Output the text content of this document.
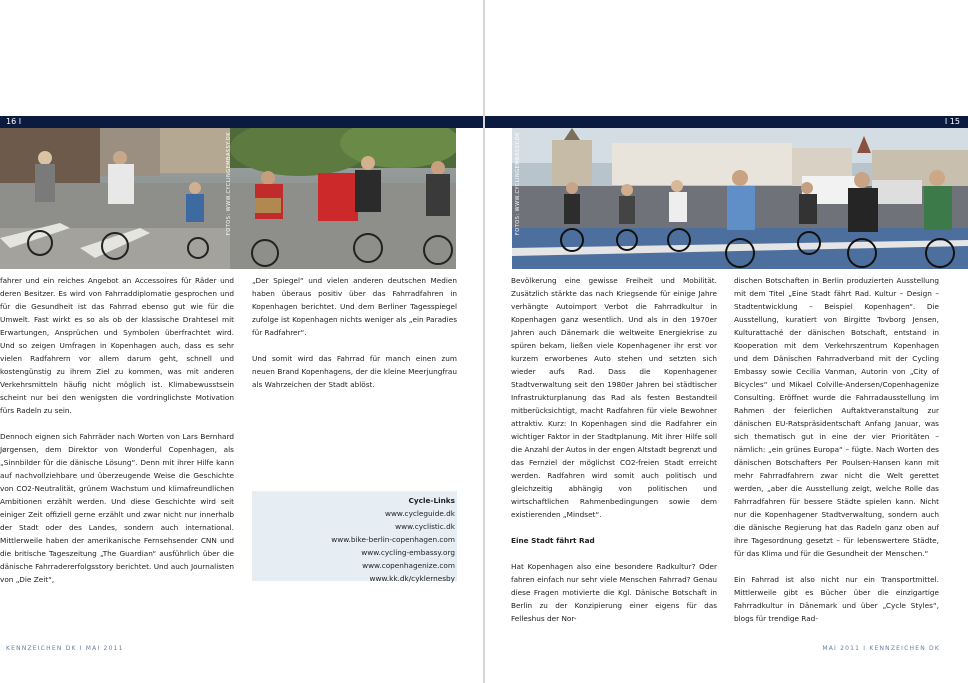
16 I
FOTOS: WWW.CYCLINGEMBASSY.DK

fahrer und ein reiches Angebot an Accessoires für Räder und deren Besitzer. Es wird von Fahrraddiplomatie gesprochen und für die Gesundheit ist das Fahrrad ebenso gut wie für die Umwelt. Fast wirkt es so als ob der klassische Drahtesel mit Erwartungen, Ansprüchen und Symbolen überfrachtet wird. Und so zeigen Umfragen in Kopenhagen auch, dass es sehr vielen Radfahrern vor allem darum geht, schnell und kostengünstig zu ihrem Ziel zu kommen, was mit anderen Verkehrsmitteln häufig nicht möglich ist. Klimabewusstsein scheint nur bei den wenigsten die vordringlichste Motivation fürs Radeln zu sein.

Dennoch eignen sich Fahrräder nach Worten von Lars Bernhard Jørgensen, dem Direktor von Wonderful Copenhagen, als „Sinnbilder für die dänische Lösung“. Denn mit ihrer Hilfe kann auf nachvollziehbare und überzeugende Weise die Geschichte von CO2-Neutralität, grünem Wachstum und klimafreundlichen Ambitionen erzählt werden. Und diese Geschichte wird seit einiger Zeit offiziell gerne erzählt und zwar nicht nur innerhalb der Stadt oder des Landes, sondern auch international. Mittlerweile haben der amerikanische Fernsehsender CNN und die britische Tageszeitung „The Guardian“ ausführlich über die dänische Fahrradererfolgsstory berichtet. Und auch Journalisten von „Die Zeit“,

„Der Spiegel“ und vielen anderen deutschen Medien haben überaus positiv über das Fahrradfahren in Kopenhagen berichtet. Und dem Berliner Tagesspiegel zufolge ist Kopenhagen nichts weniger als „ein Paradies für Radfahrer“.

Und somit wird das Fahrrad für manch einen zum neuen Brand Kopenhagens, der die kleine Meerjungfrau als Wahrzeichen der Stadt ablöst.

Cycle-Links
www.cycleguide.dk
www.cyclistic.dk
www.bike-berlin-copenhagen.com
www.cycling-embassy.org
www.copenhagenize.com
www.kk.dk/cyklernesby
KENNZEICHEN DK I MAI 2011
I 15
FOTOS: WWW.CYCLINGEMBASSY.DK

Bevölkerung eine gewisse Freiheit und Mobilität. Zusätzlich stärkte das nach Kriegsende für einige Jahre verhängte Autoimport Verbot die Fahrradkultur in Kopenhagen ganz wesentlich. Und als in den 1970er Jahren auch Dänemark die weltweite Energiekrise zu spüren bekam, ließen viele Kopenhagener ihr erst vor kurzem erworbenes Auto stehen und setzten sich wieder aufs Rad. Dass die Kopenhagener Stadtverwaltung seit den 1980er Jahren bei städtischer Infrastrukturplanung das Rad als festen Bestandteil mitberücksichtigt, macht Radfahren für viele Bewohner attraktiv. Kurz: In Kopenhagen sind die Radfahrer ein wichtiger Faktor in der Stadtplanung. Mit ihrer Hilfe soll die Anzahl der Autos in der engen Altstadt begrenzt und das Fernziel der möglichst CO2-freien Stadt erreicht werden. Radfahren wird somit auch politisch und gleichzeitig abhängig von politischen und wirtschaftlichen Rahmenbedingungen sowie dem existierenden „Mindset“.

Eine Stadt fährt Rad

Hat Kopenhagen also eine besondere Radkultur? Oder fahren einfach nur sehr viele Menschen Fahrrad? Genau diese Fragen motivierte die Kgl. Dänische Botschaft in Berlin zu der Konzipierung einer eigens für das Felleshus der Nor-

dischen Botschaften in Berlin produzierten Ausstellung mit dem Titel „Eine Stadt fährt Rad. Kultur – Design – Stadtentwicklung – Beispiel Kopenhagen“. Die Ausstellung, kuratiert von Birgitte Tovborg Jensen, Kulturattaché der dänischen Botschaft, entstand in Kooperation mit dem Verkehrszentrum Kopenhagen und dem Dänischen Fahrradverband mit der Cycling Embassy sowie Cecilia Vanman, Autorin von „City of Bicycles“ und Mikael Colville-Andersen/Copenhagenize Consulting. Eröffnet wurde die Fahrradausstellung im Rahmen der feierlichen Auftaktveranstaltung zur dänischen EU-Ratspräsidentschaft Anfang Januar, was sich thematisch gut in eine der vier Prioritäten – nämlich: „ein grünes Europa“ – fügte. Nach Worten des dänischen Botschafters Per Poulsen-Hansen kann mit mehr Fahrradfahrern zwar nicht die Welt gerettet werden, „aber die Ausstellung zeigt, welche Rolle das Fahrradfahren für bessere Städte spielen kann. Nicht nur die Kopenhagener Stadtverwaltung, sondern auch die dänische Regierung hat das Radeln ganz oben auf ihre Tagesordnung gesetzt – für lebenswertere Städte, für das Klima und für die Gesundheit der Menschen.“

Ein Fahrrad ist also nicht nur ein Transportmittel. Mittlerweile gibt es Bücher über die einzigartige Fahrradkultur in Dänemark und über „Cycle Styles“, blogs für trendige Rad-

MAI 2011 I KENNZEICHEN DK
